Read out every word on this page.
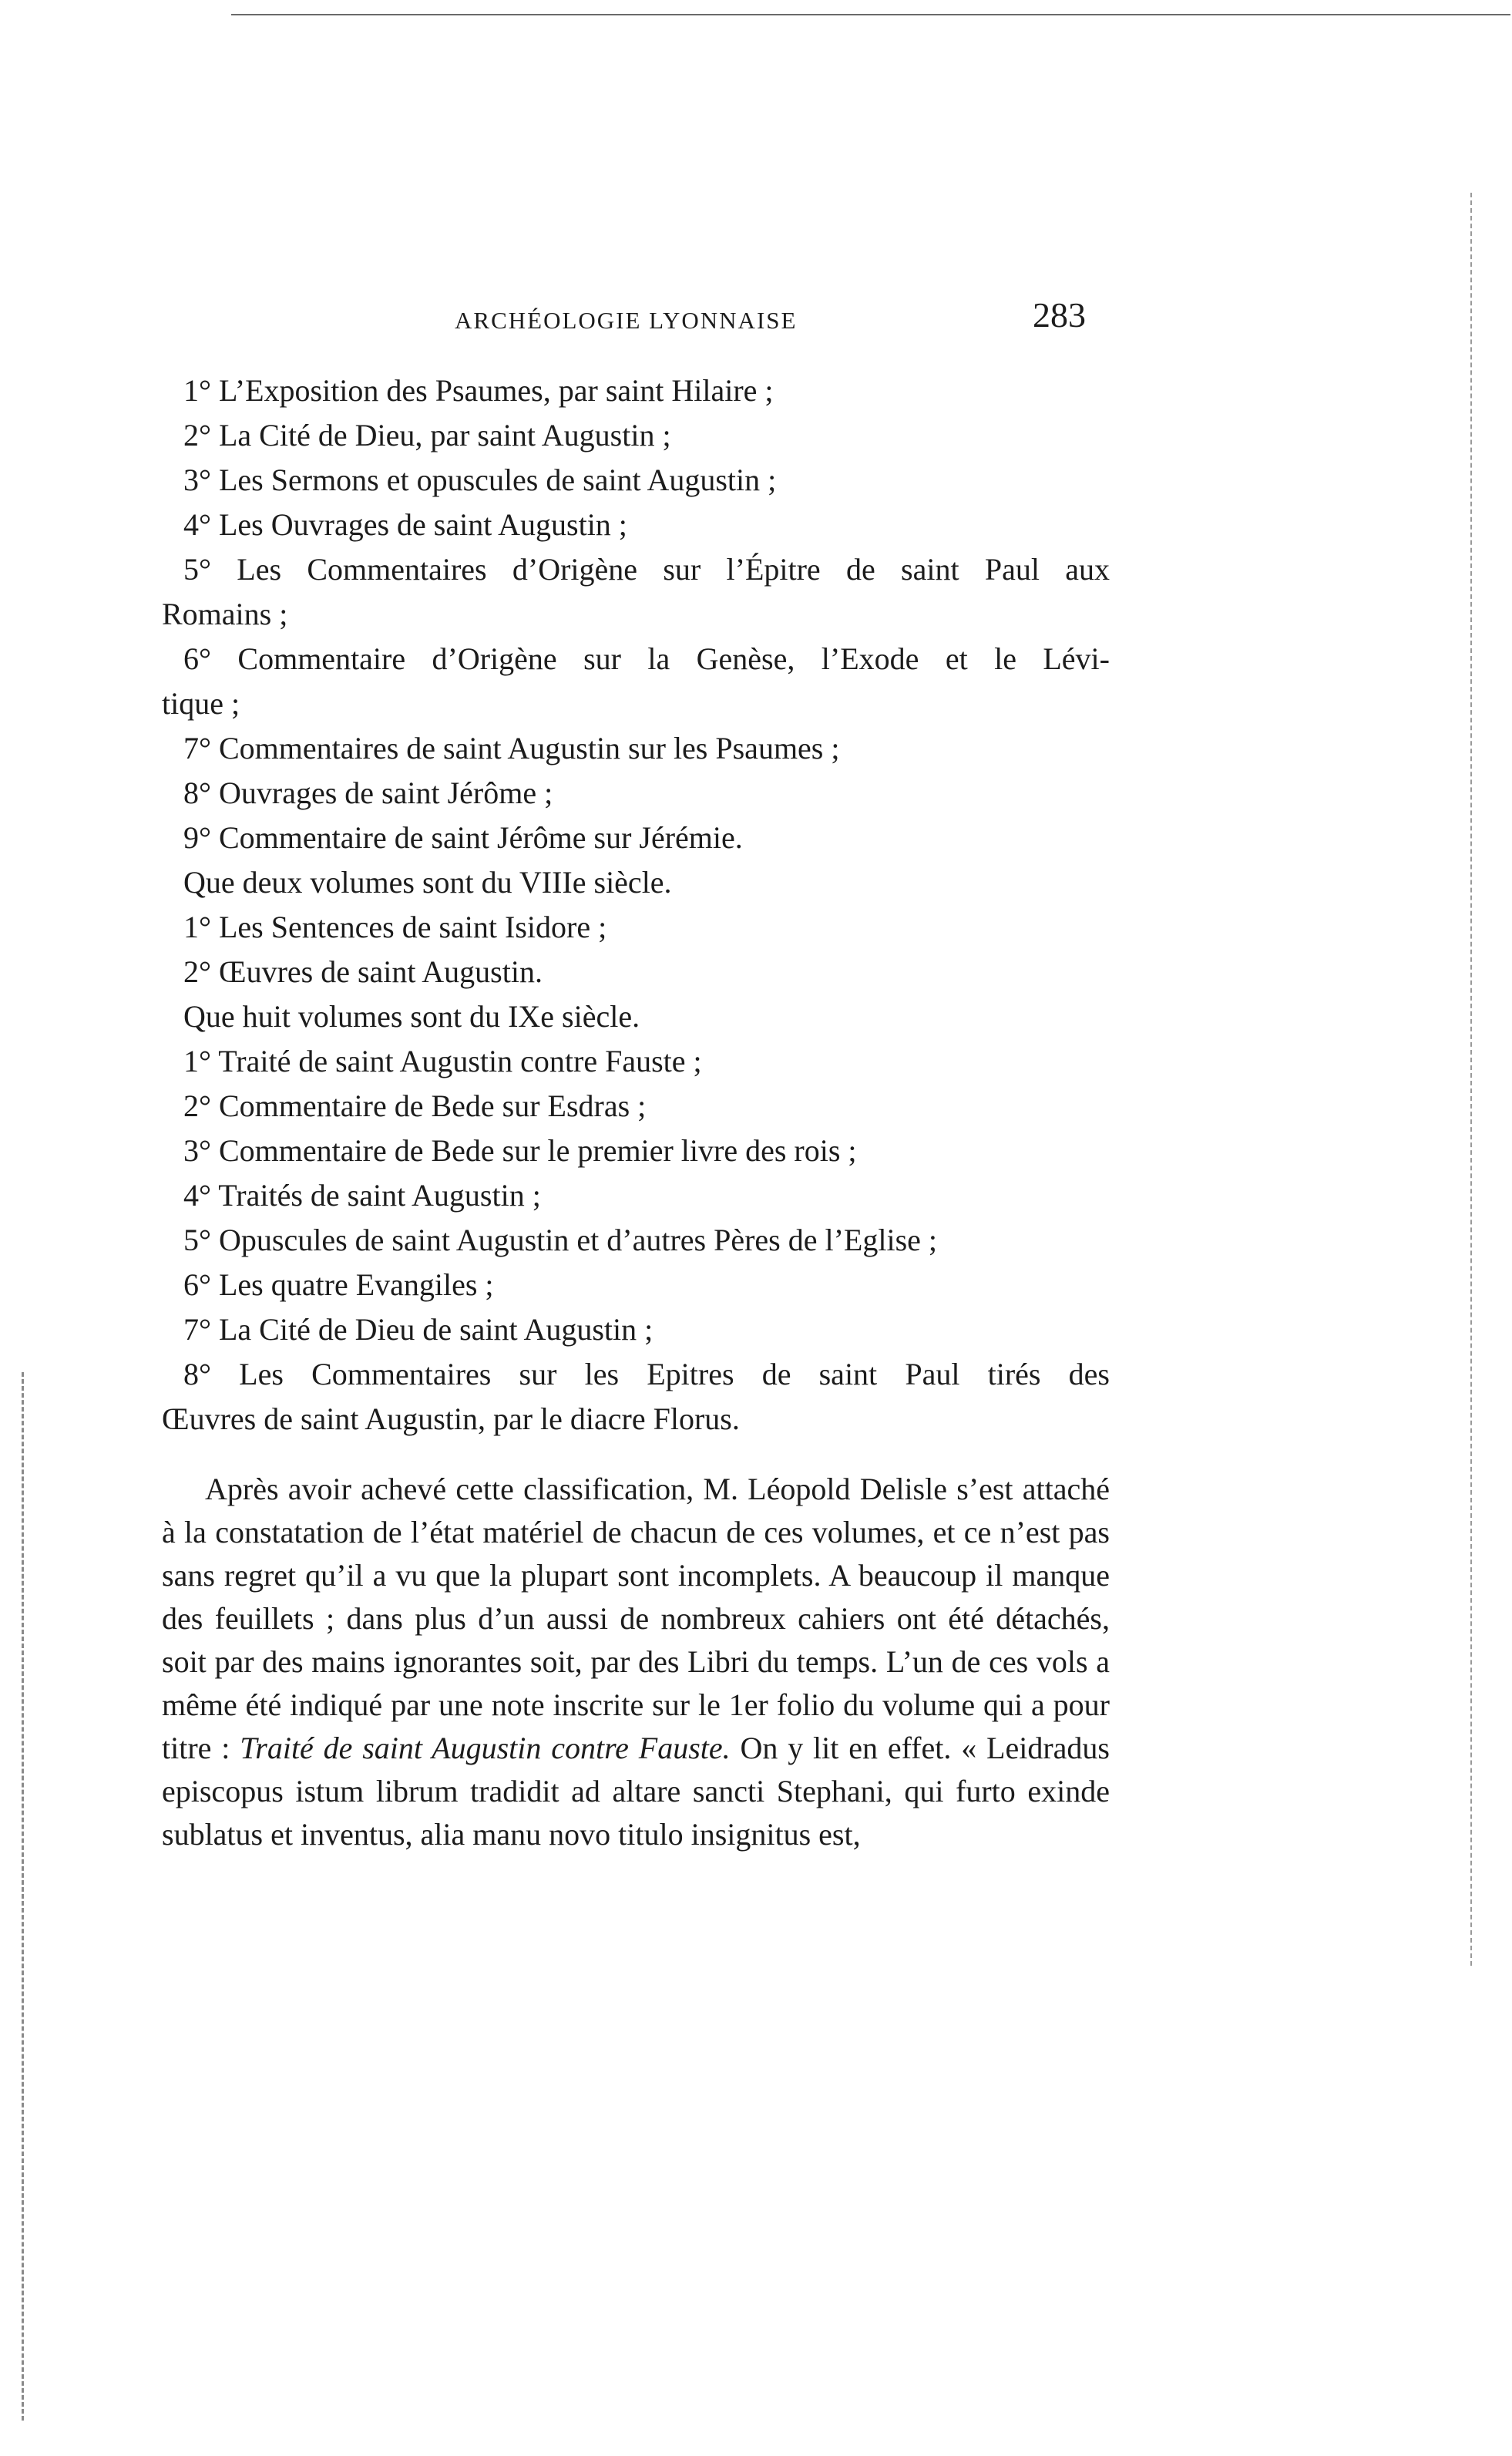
ARCHÉOLOGIE LYONNAISE	283
1° L’Exposition des Psaumes, par saint Hilaire ;
2° La Cité de Dieu, par saint Augustin ;
3° Les Sermons et opuscules de saint Augustin ;
4° Les Ouvrages de saint Augustin ;
5° Les Commentaires d’Origène sur l’Épitre de saint Paul aux
Romains ;
6° Commentaire d’Origène sur la Genèse, l’Exode et le Lévi-
tique ;
7° Commentaires de saint Augustin sur les Psaumes ;
8° Ouvrages de saint Jérôme ;
9° Commentaire de saint Jérôme sur Jérémie.
Que deux volumes sont du VIIIe siècle.
1° Les Sentences de saint Isidore ;
2° Œuvres de saint Augustin.
Que huit volumes sont du IXe siècle.
1° Traité de saint Augustin contre Fauste ;
2° Commentaire de Bede sur Esdras ;
3° Commentaire de Bede sur le premier livre des rois ;
4° Traités de saint Augustin ;
5° Opuscules de saint Augustin et d’autres Pères de l’Eglise ;
6° Les quatre Evangiles ;
7° La Cité de Dieu de saint Augustin ;
8° Les Commentaires sur les Epitres de saint Paul tirés des
Œuvres de saint Augustin, par le diacre Florus.
Après avoir achevé cette classification, M. Léopold Delisle s’est attaché à la constatation de l’état matériel de chacun de ces volumes, et ce n’est pas sans regret qu’il a vu que la plupart sont incomplets. A beaucoup il manque des feuillets ; dans plus d’un aussi de nombreux cahiers ont été détachés, soit par des mains ignorantes soit, par des Libri du temps. L’un de ces vols a même été indiqué par une note inscrite sur le 1er folio du volume qui a pour titre : Traité de saint Augustin contre Fauste. On y lit en effet. « Leidradus episcopus istum librum tradidit ad altare sancti Stephani, qui furto exinde sublatus et inventus, alia manu novo titulo insignitus est,
